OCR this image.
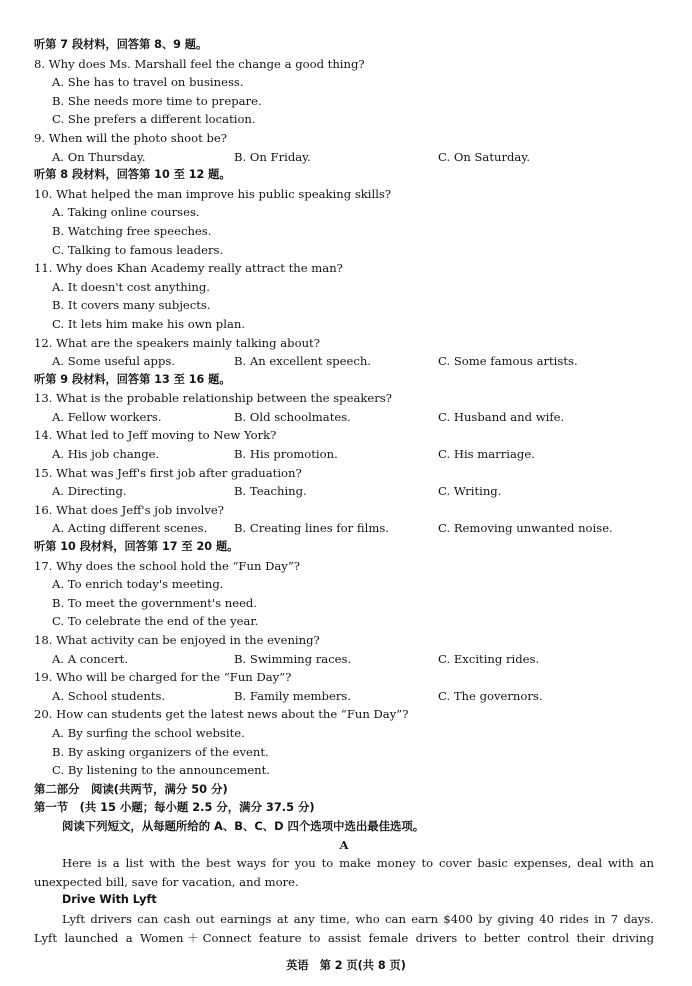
听第 7 段材料，回答第 8、9 题。
8. Why does Ms. Marshall feel the change a good thing?
A. She has to travel on business.
B. She needs more time to prepare.
C. She prefers a different location.
9. When will the photo shoot be?
A. On Thursday.	B. On Friday.	C. On Saturday.
听第 8 段材料，回答第 10 至 12 题。
10. What helped the man improve his public speaking skills?
A. Taking online courses.
B. Watching free speeches.
C. Talking to famous leaders.
11. Why does Khan Academy really attract the man?
A. It doesn't cost anything.
B. It covers many subjects.
C. It lets him make his own plan.
12. What are the speakers mainly talking about?
A. Some useful apps.	B. An excellent speech.	C. Some famous artists.
听第 9 段材料，回答第 13 至 16 题。
13. What is the probable relationship between the speakers?
A. Fellow workers.	B. Old schoolmates.	C. Husband and wife.
14. What led to Jeff moving to New York?
A. His job change.	B. His promotion.	C. His marriage.
15. What was Jeff's first job after graduation?
A. Directing.	B. Teaching.	C. Writing.
16. What does Jeff's job involve?
A. Acting different scenes. B. Creating lines for films.	C. Removing unwanted noise.
听第 10 段材料，回答第 17 至 20 题。
17. Why does the school hold the “Fun Day”?
A. To enrich today's meeting.
B. To meet the government's need.
C. To celebrate the end of the year.
18. What activity can be enjoyed in the evening?
A. A concert.	B. Swimming races.	C. Exciting rides.
19. Who will be charged for the “Fun Day”?
A. School students.	B. Family members.	C. The governors.
20. How can students get the latest news about the “Fun Day”?
A. By surfing the school website.
B. By asking organizers of the event.
C. By listening to the announcement.
第二部分　阅读(共两节，满分 50 分)
第一节　(共 15 小题；每小题 2.5 分，满分 37.5 分)
阅读下列短文，从每题所给的 A、B、C、D 四个选项中选出最佳选项。
A
Here is a list with the best ways for you to make money to cover basic expenses, deal with an
unexpected bill, save for vacation, and more.
Drive With Lyft
Lyft drivers can cash out earnings at any time, who can earn $400 by giving 40 rides in 7 days.
Lyft launched a Women＋Connect feature to assist female drivers to better control their driving
英语　第 2 页(共 8 页)
